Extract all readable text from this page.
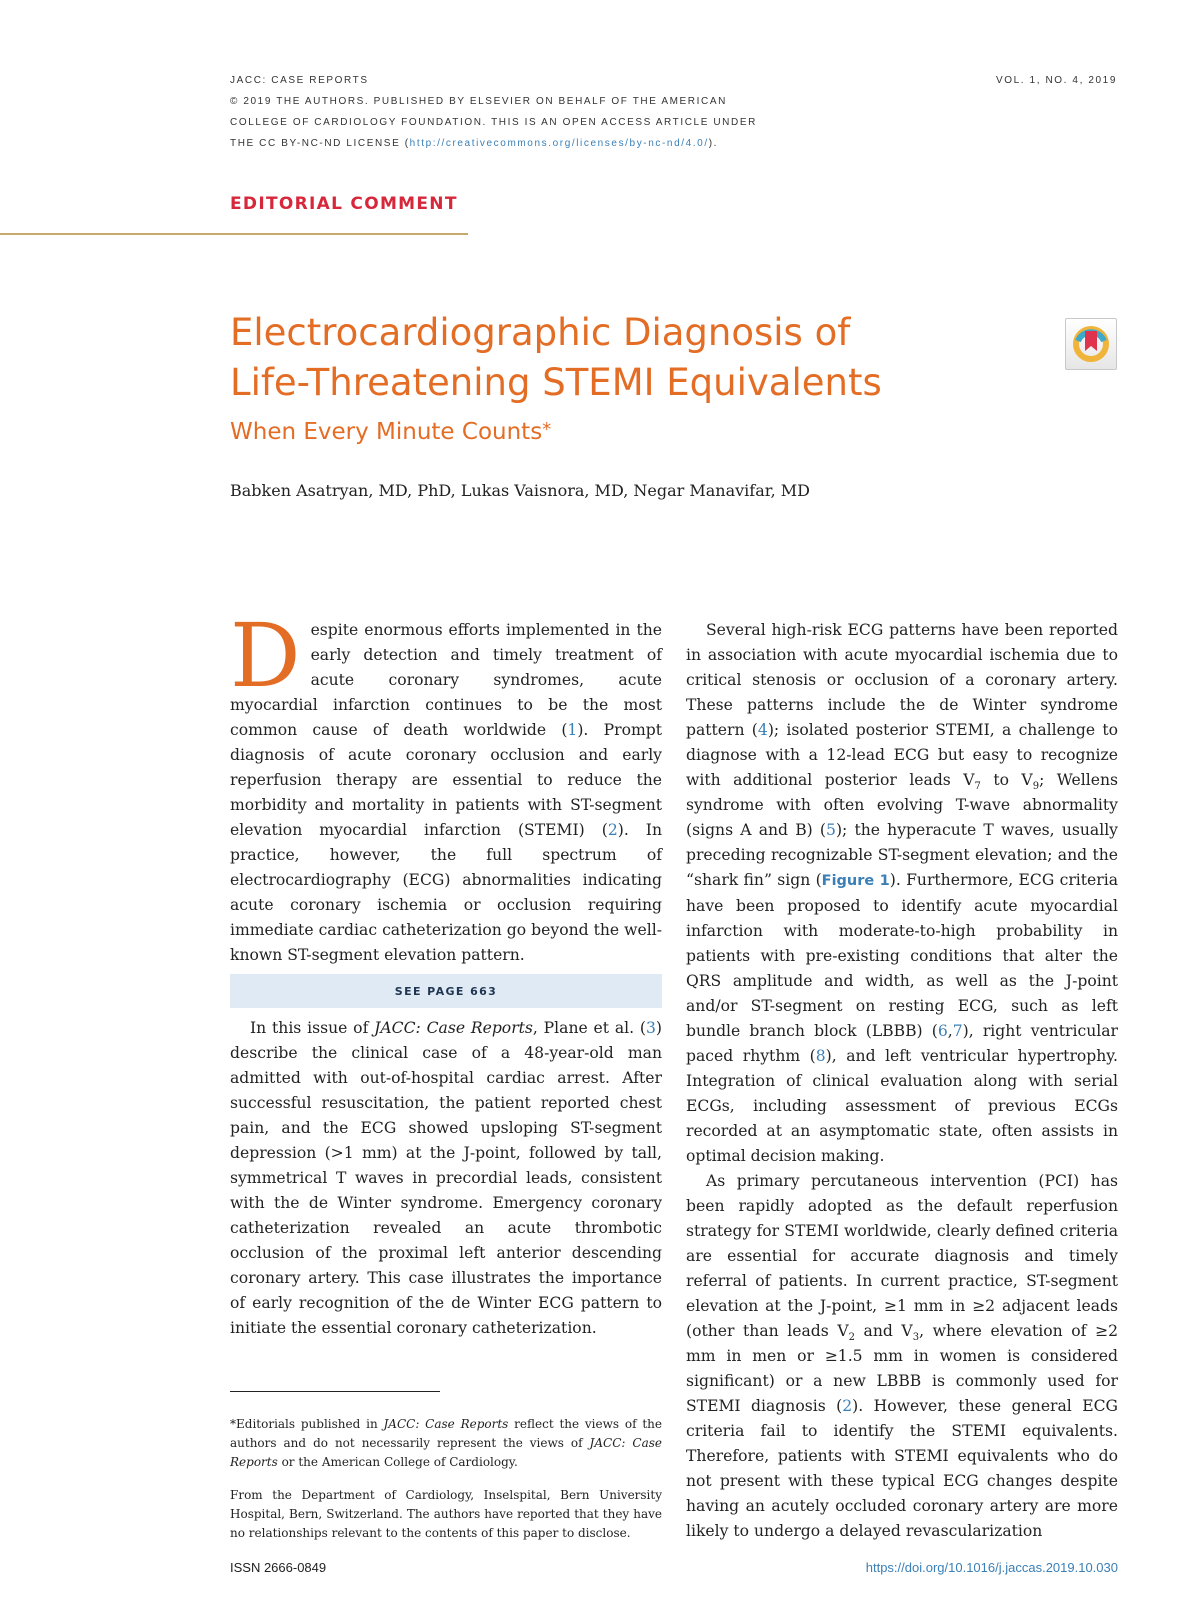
JACC: CASE REPORTS
© 2019 THE AUTHORS. PUBLISHED BY ELSEVIER ON BEHALF OF THE AMERICAN
COLLEGE OF CARDIOLOGY FOUNDATION. THIS IS AN OPEN ACCESS ARTICLE UNDER
THE CC BY-NC-ND LICENSE (http://creativecommons.org/licenses/by-nc-nd/4.0/).
VOL. 1, NO. 4, 2019
EDITORIAL COMMENT
Electrocardiographic Diagnosis of
Life-Threatening STEMI Equivalents
When Every Minute Counts*
Babken Asatryan, MD, PhD, Lukas Vaisnora, MD, Negar Manavifar, MD

Despite enormous efforts implemented in the early detection and timely treatment of acute coronary syndromes, acute myocardial infarction continues to be the most common cause of death worldwide (1). Prompt diagnosis of acute coronary occlusion and early reperfusion therapy are essential to reduce the morbidity and mortality in patients with ST-segment elevation myocardial infarction (STEMI) (2). In practice, however, the full spectrum of electrocardiography (ECG) abnormalities indicating acute coronary ischemia or occlusion requiring immediate cardiac catheterization go beyond the well-known ST-segment elevation pattern.

SEE PAGE 663

In this issue of JACC: Case Reports, Plane et al. (3) describe the clinical case of a 48-year-old man admitted with out-of-hospital cardiac arrest. After successful resuscitation, the patient reported chest pain, and the ECG showed upsloping ST-segment depression (>1 mm) at the J-point, followed by tall, symmetrical T waves in precordial leads, consistent with the de Winter syndrome. Emergency coronary catheterization revealed an acute thrombotic occlusion of the proximal left anterior descending coronary artery. This case illustrates the importance of early recognition of the de Winter ECG pattern to initiate the essential coronary catheterization.

Several high-risk ECG patterns have been reported in association with acute myocardial ischemia due to critical stenosis or occlusion of a coronary artery. These patterns include the de Winter syndrome pattern (4); isolated posterior STEMI, a challenge to diagnose with a 12-lead ECG but easy to recognize with additional posterior leads $V_7$ to $V_9$; Wellens syndrome with often evolving T-wave abnormality (signs A and B) (5); the hyperacute T waves, usually preceding recognizable ST-segment elevation; and the “shark fin” sign (Figure 1). Furthermore, ECG criteria have been proposed to identify acute myocardial infarction with moderate-to-high probability in patients with pre-existing conditions that alter the QRS amplitude and width, as well as the J-point and/or ST-segment on resting ECG, such as left bundle branch block (LBBB) (6,7), right ventricular paced rhythm (8), and left ventricular hypertrophy. Integration of clinical evaluation along with serial ECGs, including assessment of previous ECGs recorded at an asymptomatic state, often assists in optimal decision making.

As primary percutaneous intervention (PCI) has been rapidly adopted as the default reperfusion strategy for STEMI worldwide, clearly defined criteria are essential for accurate diagnosis and timely referral of patients. In current practice, ST-segment elevation at the J-point, ≥1 mm in ≥2 adjacent leads (other than leads $V_2$ and $V_3$, where elevation of ≥2 mm in men or ≥1.5 mm in women is considered significant) or a new LBBB is commonly used for STEMI diagnosis (2). However, these general ECG criteria fail to identify the STEMI equivalents. Therefore, patients with STEMI equivalents who do not present with these typical ECG changes despite having an acutely occluded coronary artery are more likely to undergo a delayed revascularization

*Editorials published in JACC: Case Reports reflect the views of the authors and do not necessarily represent the views of JACC: Case Reports or the American College of Cardiology.

From the Department of Cardiology, Inselspital, Bern University Hospital, Bern, Switzerland. The authors have reported that they have no relationships relevant to the contents of this paper to disclose.

ISSN 2666-0849	https://doi.org/10.1016/j.jaccas.2019.10.030
